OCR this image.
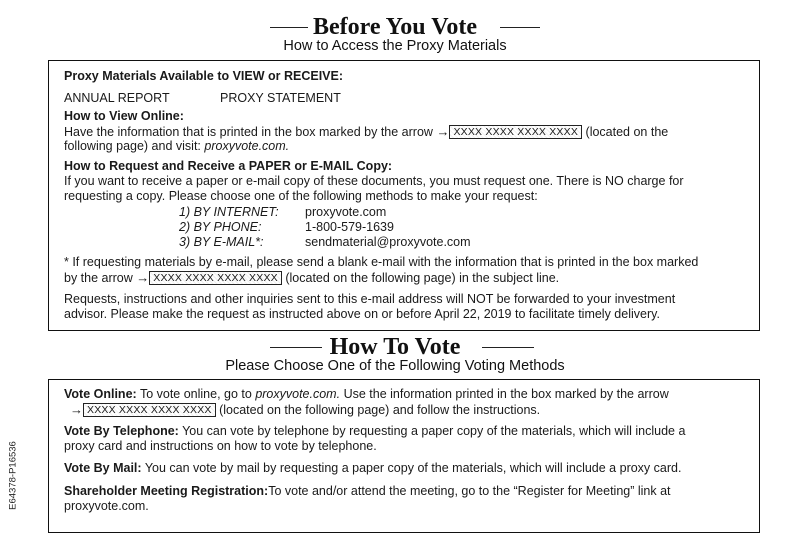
Before You Vote
How to Access the Proxy Materials
Proxy Materials Available to VIEW or RECEIVE:
ANNUAL REPORT	PROXY STATEMENT
How to View Online:
Have the information that is printed in the box marked by the arrow → XXXX XXXX XXXX XXXX (located on the
following page) and visit: proxyvote.com.
How to Request and Receive a PAPER or E-MAIL Copy:
If you want to receive a paper or e-mail copy of these documents, you must request one. There is NO charge for
requesting a copy. Please choose one of the following methods to make your request:
1) BY INTERNET: proxyvote.com
2) BY PHONE:	1-800-579-1639
3) BY E-MAIL*:	sendmaterial@proxyvote.com
* If requesting materials by e-mail, please send a blank e-mail with the information that is printed in the box marked
by the arrow → XXXX XXXX XXXX XXXX (located on the following page) in the subject line.
Requests, instructions and other inquiries sent to this e-mail address will NOT be forwarded to your investment
advisor. Please make the request as instructed above on or before April 22, 2019 to facilitate timely delivery.
How To Vote
Please Choose One of the Following Voting Methods
Vote Online: To vote online, go to proxyvote.com. Use the information printed in the box marked by the arrow
→ XXXX XXXX XXXX XXXX (located on the following page) and follow the instructions.
Vote By Telephone: You can vote by telephone by requesting a paper copy of the materials, which will include a
proxy card and instructions on how to vote by telephone.
Vote By Mail: You can vote by mail by requesting a paper copy of the materials, which will include a proxy card.
Shareholder Meeting Registration:To vote and/or attend the meeting, go to the “Register for Meeting” link at
proxyvote.com.
E64378-P16536
